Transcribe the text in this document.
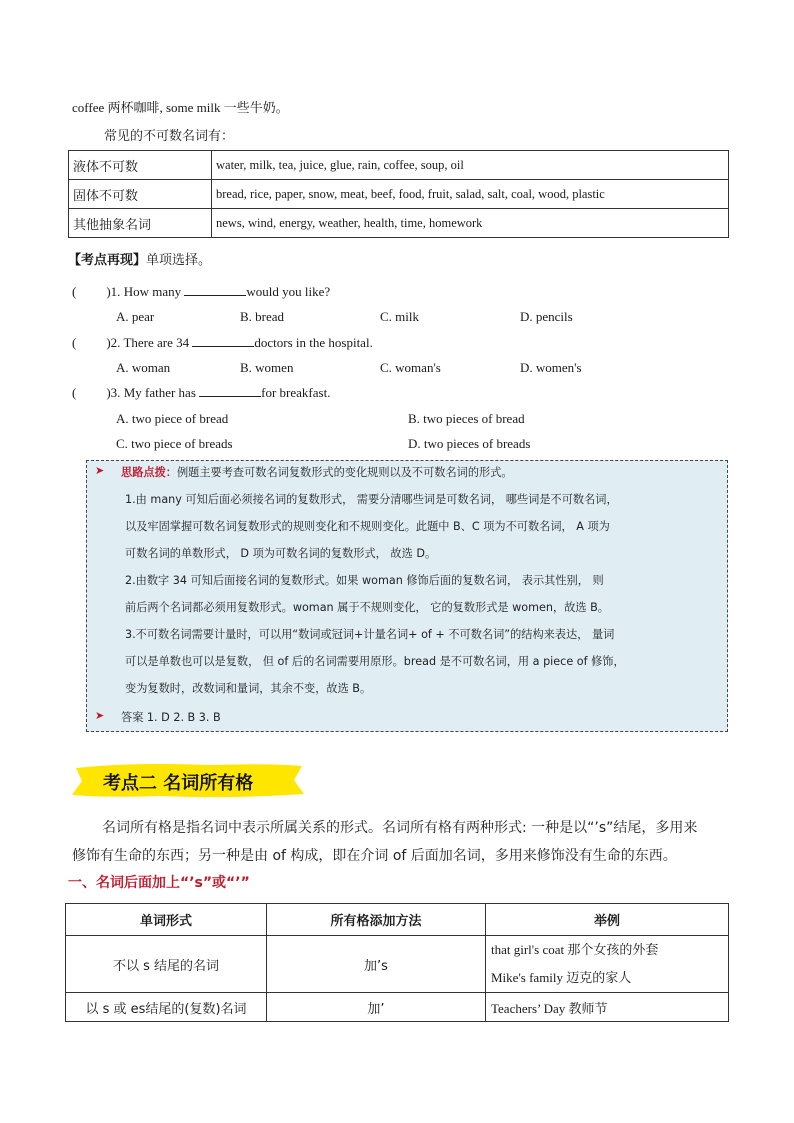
coffee 两杯咖啡, some milk 一些牛奶。
常见的不可数名词有：
液体不可数	water, milk, tea, juice, glue, rain, coffee, soup, oil
固体不可数	bread, rice, paper, snow, meat, beef, food, fruit, salad, salt, coal, wood, plastic
其他抽象名词	news, wind, energy, weather, health, time, homework
【考点再现】单项选择。
( )1. How many	would you like?
A. pear	B. bread	C. milk	D. pencils
( )2. There are 34	doctors in the hospital.
A. woman	B. women	C. woman's	D. women's
( )3. My father has	for breakfast.
A. two piece of bread	B. two pieces of bread
C. two piece of breads	D. two pieces of breads
➤ 思路点拨：例题主要考查可数名词复数形式的变化规则以及不可数名词的形式。
1.由 many 可知后面必须接名词的复数形式， 需要分清哪些词是可数名词， 哪些词是不可数名词，
以及牢固掌握可数名词复数形式的规则变化和不规则变化。此题中 B、C 项为不可数名词， A 项为
可数名词的单数形式， D 项为可数名词的复数形式， 故选 D。
2.由数字 34 可知后面接名词的复数形式。如果 woman 修饰后面的复数名词， 表示其性别， 则
前后两个名词都必须用复数形式。woman 属于不规则变化， 它的复数形式是 women，故选 B。
3.不可数名词需要计量时，可以用“数词或冠词+计量名词+ of + 不可数名词”的结构来表达， 量词
可以是单数也可以是复数， 但 of 后的名词需要用原形。bread 是不可数名词，用 a piece of 修饰，
变为复数时，改数词和量词，其余不变，故选 B。
➤ 答案 1. D 2. B 3. B
考点二 名词所有格
名词所有格是指名词中表示所属关系的形式。名词所有格有两种形式: 一种是以“’s”结尾，多用来
修饰有生命的东西；另一种是由 of 构成，即在介词 of 后面加名词，多用来修饰没有生命的东西。
一、名词后面加上“’s”或“’”
单词形式	所有格添加方法	举例
不以 s 结尾的名词	加’s	that girl's coat 那个女孩的外套
Mike's family 迈克的家人

以 s 或 es结尾的(复数)名词	加’	Teachers’ Day 教师节
